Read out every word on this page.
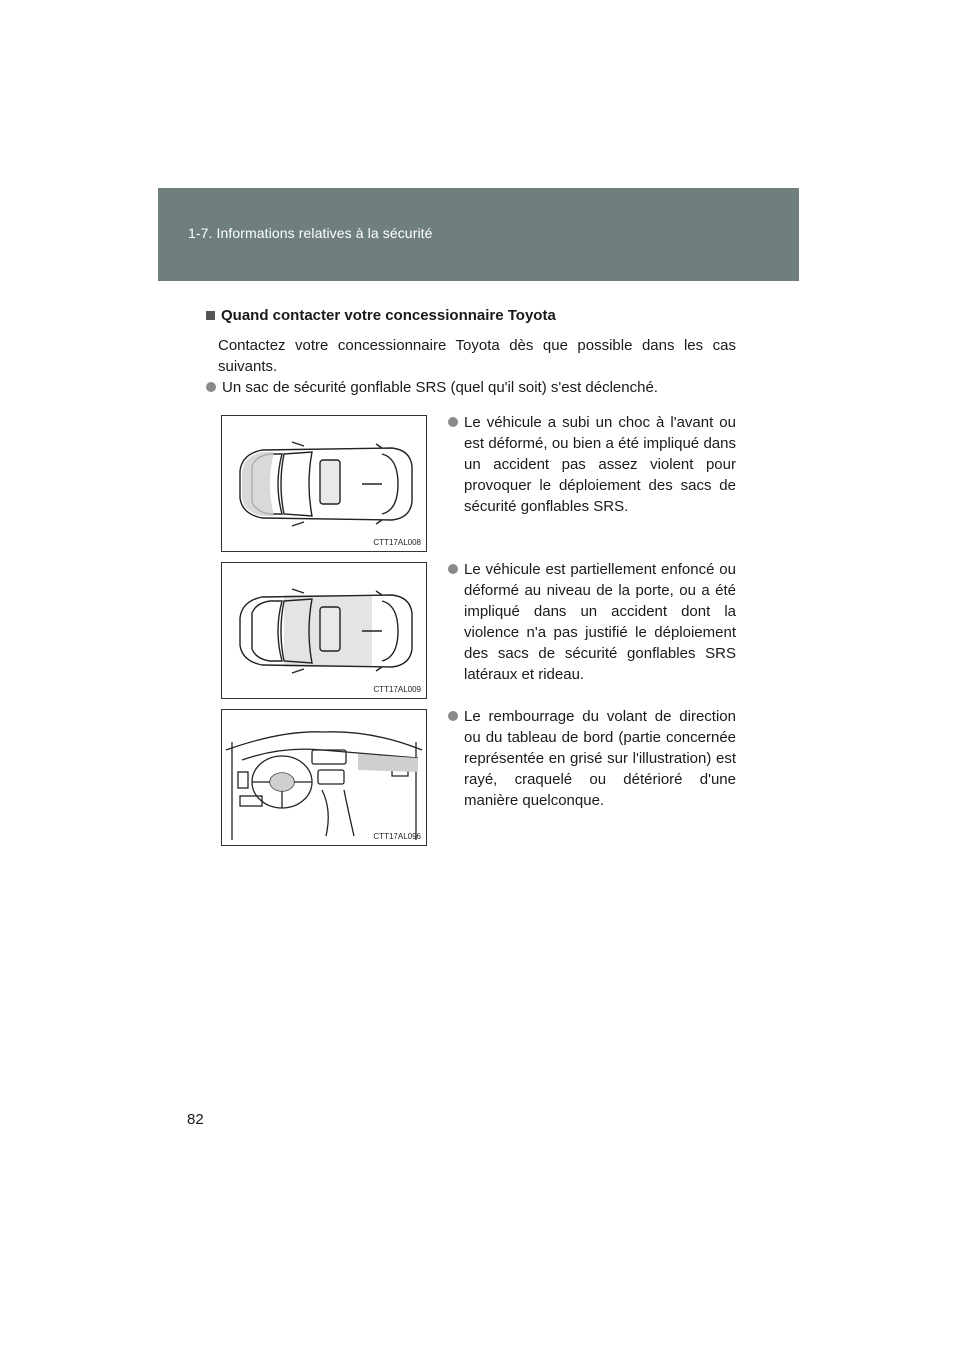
1-7. Informations relatives à la sécurité
Quand contacter votre concessionnaire Toyota
Contactez votre concessionnaire Toyota dès que possible dans les cas suivants.
Un sac de sécurité gonflable SRS (quel qu'il soit) s'est déclenché.
CTT17AL008
Le véhicule a subi un choc à l'avant ou est déformé, ou bien a été impliqué dans un accident pas assez violent pour provoquer le déploiement des sacs de sécurité gonflables SRS.
CTT17AL009
Le véhicule est partiellement enfoncé ou déformé au niveau de la porte, ou a été impliqué dans un accident dont la violence n'a pas justifié le déploiement des sacs de sécurité gonflables SRS latéraux et rideau.
CTT17AL096
Le rembourrage du volant de direction ou du tableau de bord (partie concernée représentée en grisé sur l'illustration) est rayé, craquelé ou détérioré d'une manière quelconque.
82
